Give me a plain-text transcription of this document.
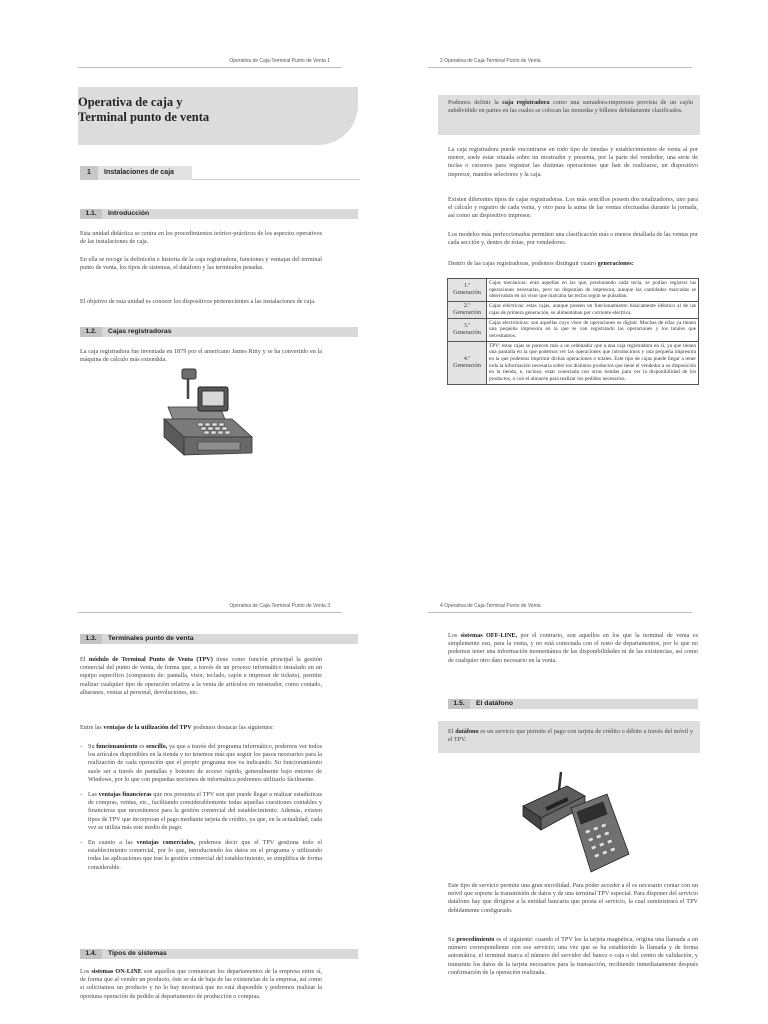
Operativa de Caja-Terminal Punto de Venta 1
Operativa de caja y
Terminal punto de venta
1 Instalaciones de caja
1.1. Introducción

Esta unidad didáctica se centra en los procedimientos teórico-prácticos de los aspectos operativos de las instalaciones de caja.

En ella se recoge la definición e historia de la caja registradora, funciones y ventajas del terminal punto de venta, los tipos de sistemas, el datáfono y las terminales pesadas.

El objetivo de esta unidad es conocer los dispositivos pertenecientes a las instalaciones de caja.

1.2. Cajas registradoras

La caja registradora fue inventada en 1879 por el americano James Ritty y se ha convertido en la máquina de cálculo más extendida.

2 Operativa de Caja-Terminal Punto de Venta

Podemos definir la caja registradora como una sumadora-impresora provista de un cajón subdividido en partes en las cuales se colocan las monedas y billetes debidamente clasificados.

La caja registradora puede encontrarse en todo tipo de tiendas y establecimientos de venta al por menor, suele estar situada sobre un mostrador y presenta, por la parte del vendedor, una serie de teclas o cursores para registrar las distintas operaciones que han de realizarse, un dispositivo impresor, mandos selectores y la caja.

Existen diferentes tipos de cajas registradoras. Los más sencillos poseen dos totalizadores, uno para el cálculo y registro de cada venta, y otro para la suma de las ventas efectuadas durante la jornada, así como un dispositivo impresor.

Los modelos más perfeccionados permiten una clasificación más o menos detallada de las ventas por cada sección y, dentro de éstas, por vendedores.

Dentro de las cajas registradoras, podemos distinguir cuatro generaciones:

1.ª Generación	Cajas mecánicas: eran aquellas en las que, presionando cada tecla, se podían registrar las operaciones necesarias, pero no disponían de impresora, aunque las cantidades marcadas se observaban en un visor que marcaba las teclas según se pulsaban.
2.ª Generación	Cajas eléctricas: estas cajas, aunque poseen un funcionamiento básicamente idéntico al de las cajas de primera generación, se alimentaban por corriente eléctrica.
3.ª Generación	Cajas electrónicas: son aquellas cuyo visor de operaciones es digital. Muchas de ellas ya tienen una pequeña impresora en la que se van registrando las operaciones y los totales que necesitamos.
4.ª Generación	TPV: estas cajas se parecen más a un ordenador que a una caja registradora en sí, ya que tienen una pantalla en la que podemos ver las operaciones que introducimos y una pequeña impresora en la que podemos imprimir dichas operaciones o totales. Este tipo de cajas puede llegar a tener toda la información necesaria sobre los distintos productos que tiene el vendedor a su disposición en la tienda, e, incluso, estar conectada con otras tiendas para ver la disponibilidad de los productos, o con el almacén para realizar los pedidos necesarios.
Operativa de Caja-Terminal Punto de Venta 3
1.3. Terminales punto de venta

El módulo de Terminal Punto de Venta (TPV) tiene como función principal la gestión comercial del punto de venta, de forma que, a través de un proceso informático instalado en un equipo específico (compuesto de: pantalla, visor, teclado, cajón e impresor de tickets), permite realizar cualquier tipo de operación relativa a la venta de artículos en mostrador, como contado, albaranes, ventas al personal, devoluciones, etc.

Entre las ventajas de la utilización del TPV podemos destacar las siguientes:

- Su funcionamiento es sencillo, ya que a través del programa informático, podemos ver todos los artículos disponibles en la tienda y no tenemos más que seguir los pasos necesarios para la realización de cada operación que el propio programa nos va indicando. Su funcionamiento suele ser a través de pantallas y botones de acceso rápido, generalmente bajo entorno de Windows, por lo que con pequeñas nociones de informática podremos utilizarlo fácilmente.
- Las ventajas financieras que nos presenta el TPV son que puede llegar a realizar estadísticas de compras, ventas, etc., facilitando considerablemente todas aquellas cuestiones contables y financieras que necesitemos para la gestión comercial del establecimiento. Además, existen tipos de TPV que incorporan el pago mediante tarjeta de crédito, ya que, en la actualidad, cada vez se utiliza más este medio de pago.
- En cuanto a las ventajas comerciales, podemos decir que el TPV gestiona todo el establecimiento comercial, por lo que, introduciendo los datos en el programa y utilizando todas las aplicaciones que trae la gestión comercial del establecimiento, se simplifica de forma considerable.
1.4. Tipos de sistemas

Los sistemas ON-LINE son aquellos que comunican los departamentos de la empresa entre sí, de forma que al vender un producto, éste se da de baja de las existencias de la empresa, así como si solicitamos un producto y no lo hay mostrará que no está disponible y podremos realizar la oportuna operación de pedido al departamento de producción o compras.

4 Operativa de Caja-Terminal Punto de Venta

Los sistemas OFF-LINE, por el contrario, son aquellos en los que la terminal de venta es simplemente eso, para la venta, y no está conectada con el resto de departamentos, por lo que no podemos tener una información momentánea de las disponibilidades ni de las existencias, así como de cualquier otro dato necesario en la venta.

1.5. El datáfono

El datáfono es un servicio que permite el pago con tarjeta de crédito o débito a través del móvil y el TPV.

Este tipo de servicio permite una gran movilidad. Para poder acceder a él es necesario contar con un móvil que soporte la transmisión de datos y de una terminal TPV especial. Para disponer del servicio datáfono hay que dirigirse a la entidad bancaria que presta el servicio, la cual suministrará el TPV debidamente configurado.

Su procedimiento es el siguiente: cuando el TPV lee la tarjeta magnética, origina una llamada a un número correspondiente con ese servicio; una vez que se ha establecido la llamada y de forma automática, el terminal marca el número del servidor del banco o caja o del centro de validación, y transmite los datos de la tarjeta necesarios para la transacción, recibiendo inmediatamente después confirmación de la operación realizada.
